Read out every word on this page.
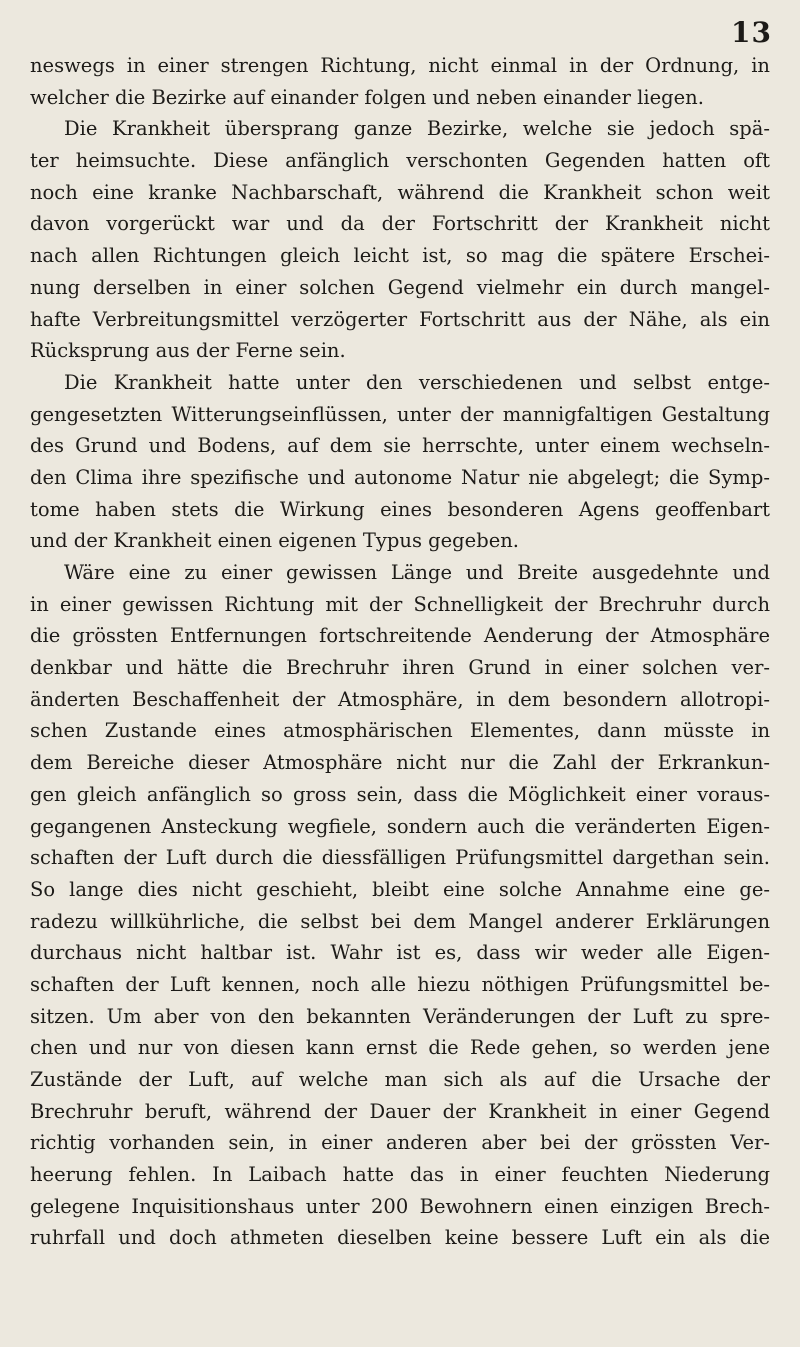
13
neswegs in einer strengen Richtung, nicht einmal in der Ordnung, in
welcher die Bezirke auf einander folgen und neben einander liegen.
Die Krankheit übersprang ganze Bezirke, welche sie jedoch spä-
ter heimsuchte. Diese anfänglich verschonten Gegenden hatten oft
noch eine kranke Nachbarschaft, während die Krankheit schon weit
davon vorgerückt war und da der Fortschritt der Krankheit nicht
nach allen Richtungen gleich leicht ist, so mag die spätere Erschei-
nung derselben in einer solchen Gegend vielmehr ein durch mangel-
hafte Verbreitungsmittel verzögerter Fortschritt aus der Nähe, als ein
Rücksprung aus der Ferne sein.
Die Krankheit hatte unter den verschiedenen und selbst entge-
gengesetzten Witterungseinflüssen, unter der mannigfaltigen Gestaltung
des Grund und Bodens, auf dem sie herrschte, unter einem wechseln-
den Clima ihre spezifische und autonome Natur nie abgelegt; die Symp-
tome haben stets die Wirkung eines besonderen Agens geoffenbart
und der Krankheit einen eigenen Typus gegeben.
Wäre eine zu einer gewissen Länge und Breite ausgedehnte und
in einer gewissen Richtung mit der Schnelligkeit der Brechruhr durch
die grössten Entfernungen fortschreitende Aenderung der Atmosphäre
denkbar und hätte die Brechruhr ihren Grund in einer solchen ver-
änderten Beschaffenheit der Atmosphäre, in dem besondern allotropi-
schen Zustande eines atmosphärischen Elementes, dann müsste in
dem Bereiche dieser Atmosphäre nicht nur die Zahl der Erkrankun-
gen gleich anfänglich so gross sein, dass die Möglichkeit einer voraus-
gegangenen Ansteckung wegfiele, sondern auch die veränderten Eigen-
schaften der Luft durch die diessfälligen Prüfungsmittel dargethan sein.
So lange dies nicht geschieht, bleibt eine solche Annahme eine ge-
radezu willkührliche, die selbst bei dem Mangel anderer Erklärungen
durchaus nicht haltbar ist. Wahr ist es, dass wir weder alle Eigen-
schaften der Luft kennen, noch alle hiezu nöthigen Prüfungsmittel be-
sitzen. Um aber von den bekannten Veränderungen der Luft zu spre-
chen und nur von diesen kann ernst die Rede gehen, so werden jene
Zustände der Luft, auf welche man sich als auf die Ursache der
Brechruhr beruft, während der Dauer der Krankheit in einer Gegend
richtig vorhanden sein, in einer anderen aber bei der grössten Ver-
heerung fehlen. In Laibach hatte das in einer feuchten Niederung
gelegene Inquisitionshaus unter 200 Bewohnern einen einzigen Brech-
ruhrfall und doch athmeten dieselben keine bessere Luft ein als die
